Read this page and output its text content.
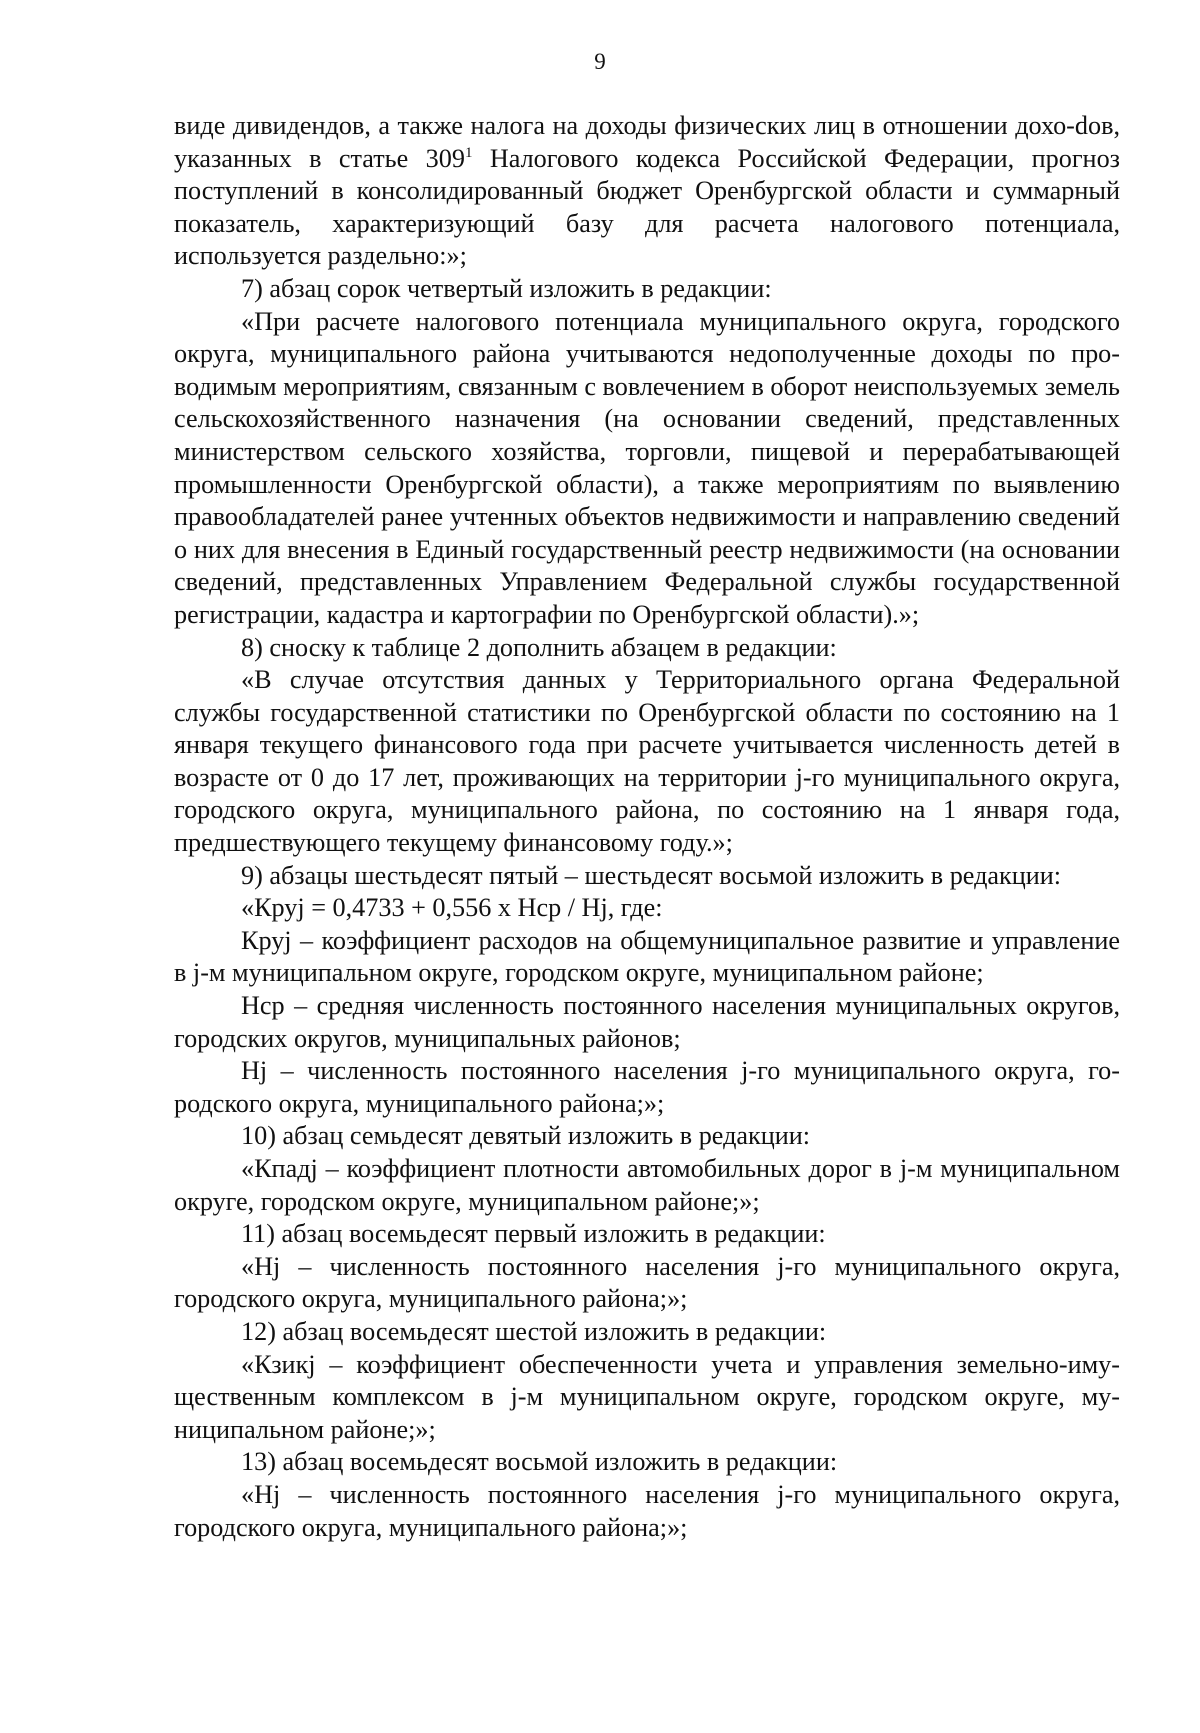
9

виде дивидендов, а также налога на доходы физических лиц в отношении дохо-dов, указанных в статье $309^1$ Налогового кодекса Российской Федерации, прогноз поступлений в консолидированный бюджет Оренбургской области и суммарный показатель, характеризующий базу для расчета налогового потенциала, используется раздельно:»;

7) абзац сорок четвертый изложить в редакции:

«При расчете налогового потенциала муниципального округа, городского округа, муниципального района учитываются недополученные доходы по проводимым мероприятиям, связанным с вовлечением в оборот неиспользуемых земель сельскохозяйственного назначения (на основании сведений, представленных министерством сельского хозяйства, торговли, пищевой и перерабатывающей промышленности Оренбургской области), а также мероприятиям по выявлению правообладателей ранее учтенных объектов недвижимости и направлению сведений о них для внесения в Единый государственный реестр недвижимости (на основании сведений, представленных Управлением Федеральной службы государственной регистрации, кадастра и картографии по Оренбургской области).»;

8) сноску к таблице 2 дополнить абзацем в редакции:

«В случае отсутствия данных у Территориального органа Федеральной службы государственной статистики по Оренбургской области по состоянию на 1 января текущего финансового года при расчете учитывается численность детей в возрасте от 0 до 17 лет, проживающих на территории j-го муниципального округа, городского округа, муниципального района, по состоянию на 1 января года, предшествующего текущему финансовому году.»;

9) абзацы шестьдесят пятый – шестьдесят восьмой изложить в редакции:

«Круj = 0,4733 + 0,556 х Нср / Нj, где:

Круj – коэффициент расходов на общемуниципальное развитие и управление в j-м муниципальном округе, городском округе, муниципальном районе;

Нср – средняя численность постоянного населения муниципальных округов, городских округов, муниципальных районов;

Нj – численность постоянного населения j-го муниципального округа, городского округа, муниципального района;»;

10) абзац семьдесят девятый изложить в редакции:

«Кпадj – коэффициент плотности автомобильных дорог в j-м муниципальном округе, городском округе, муниципальном районе;»;

11) абзац восемьдесят первый изложить в редакции:

«Нj – численность постоянного населения j-го муниципального округа, городского округа, муниципального района;»;

12) абзац восемьдесят шестой изложить в редакции:

«Кзикj – коэффициент обеспеченности учета и управления земельно-имущественным комплексом в j-м муниципальном округе, городском округе, муниципальном районе;»;

13) абзац восемьдесят восьмой изложить в редакции:

«Нj – численность постоянного населения j-го муниципального округа, городского округа, муниципального района;»;
